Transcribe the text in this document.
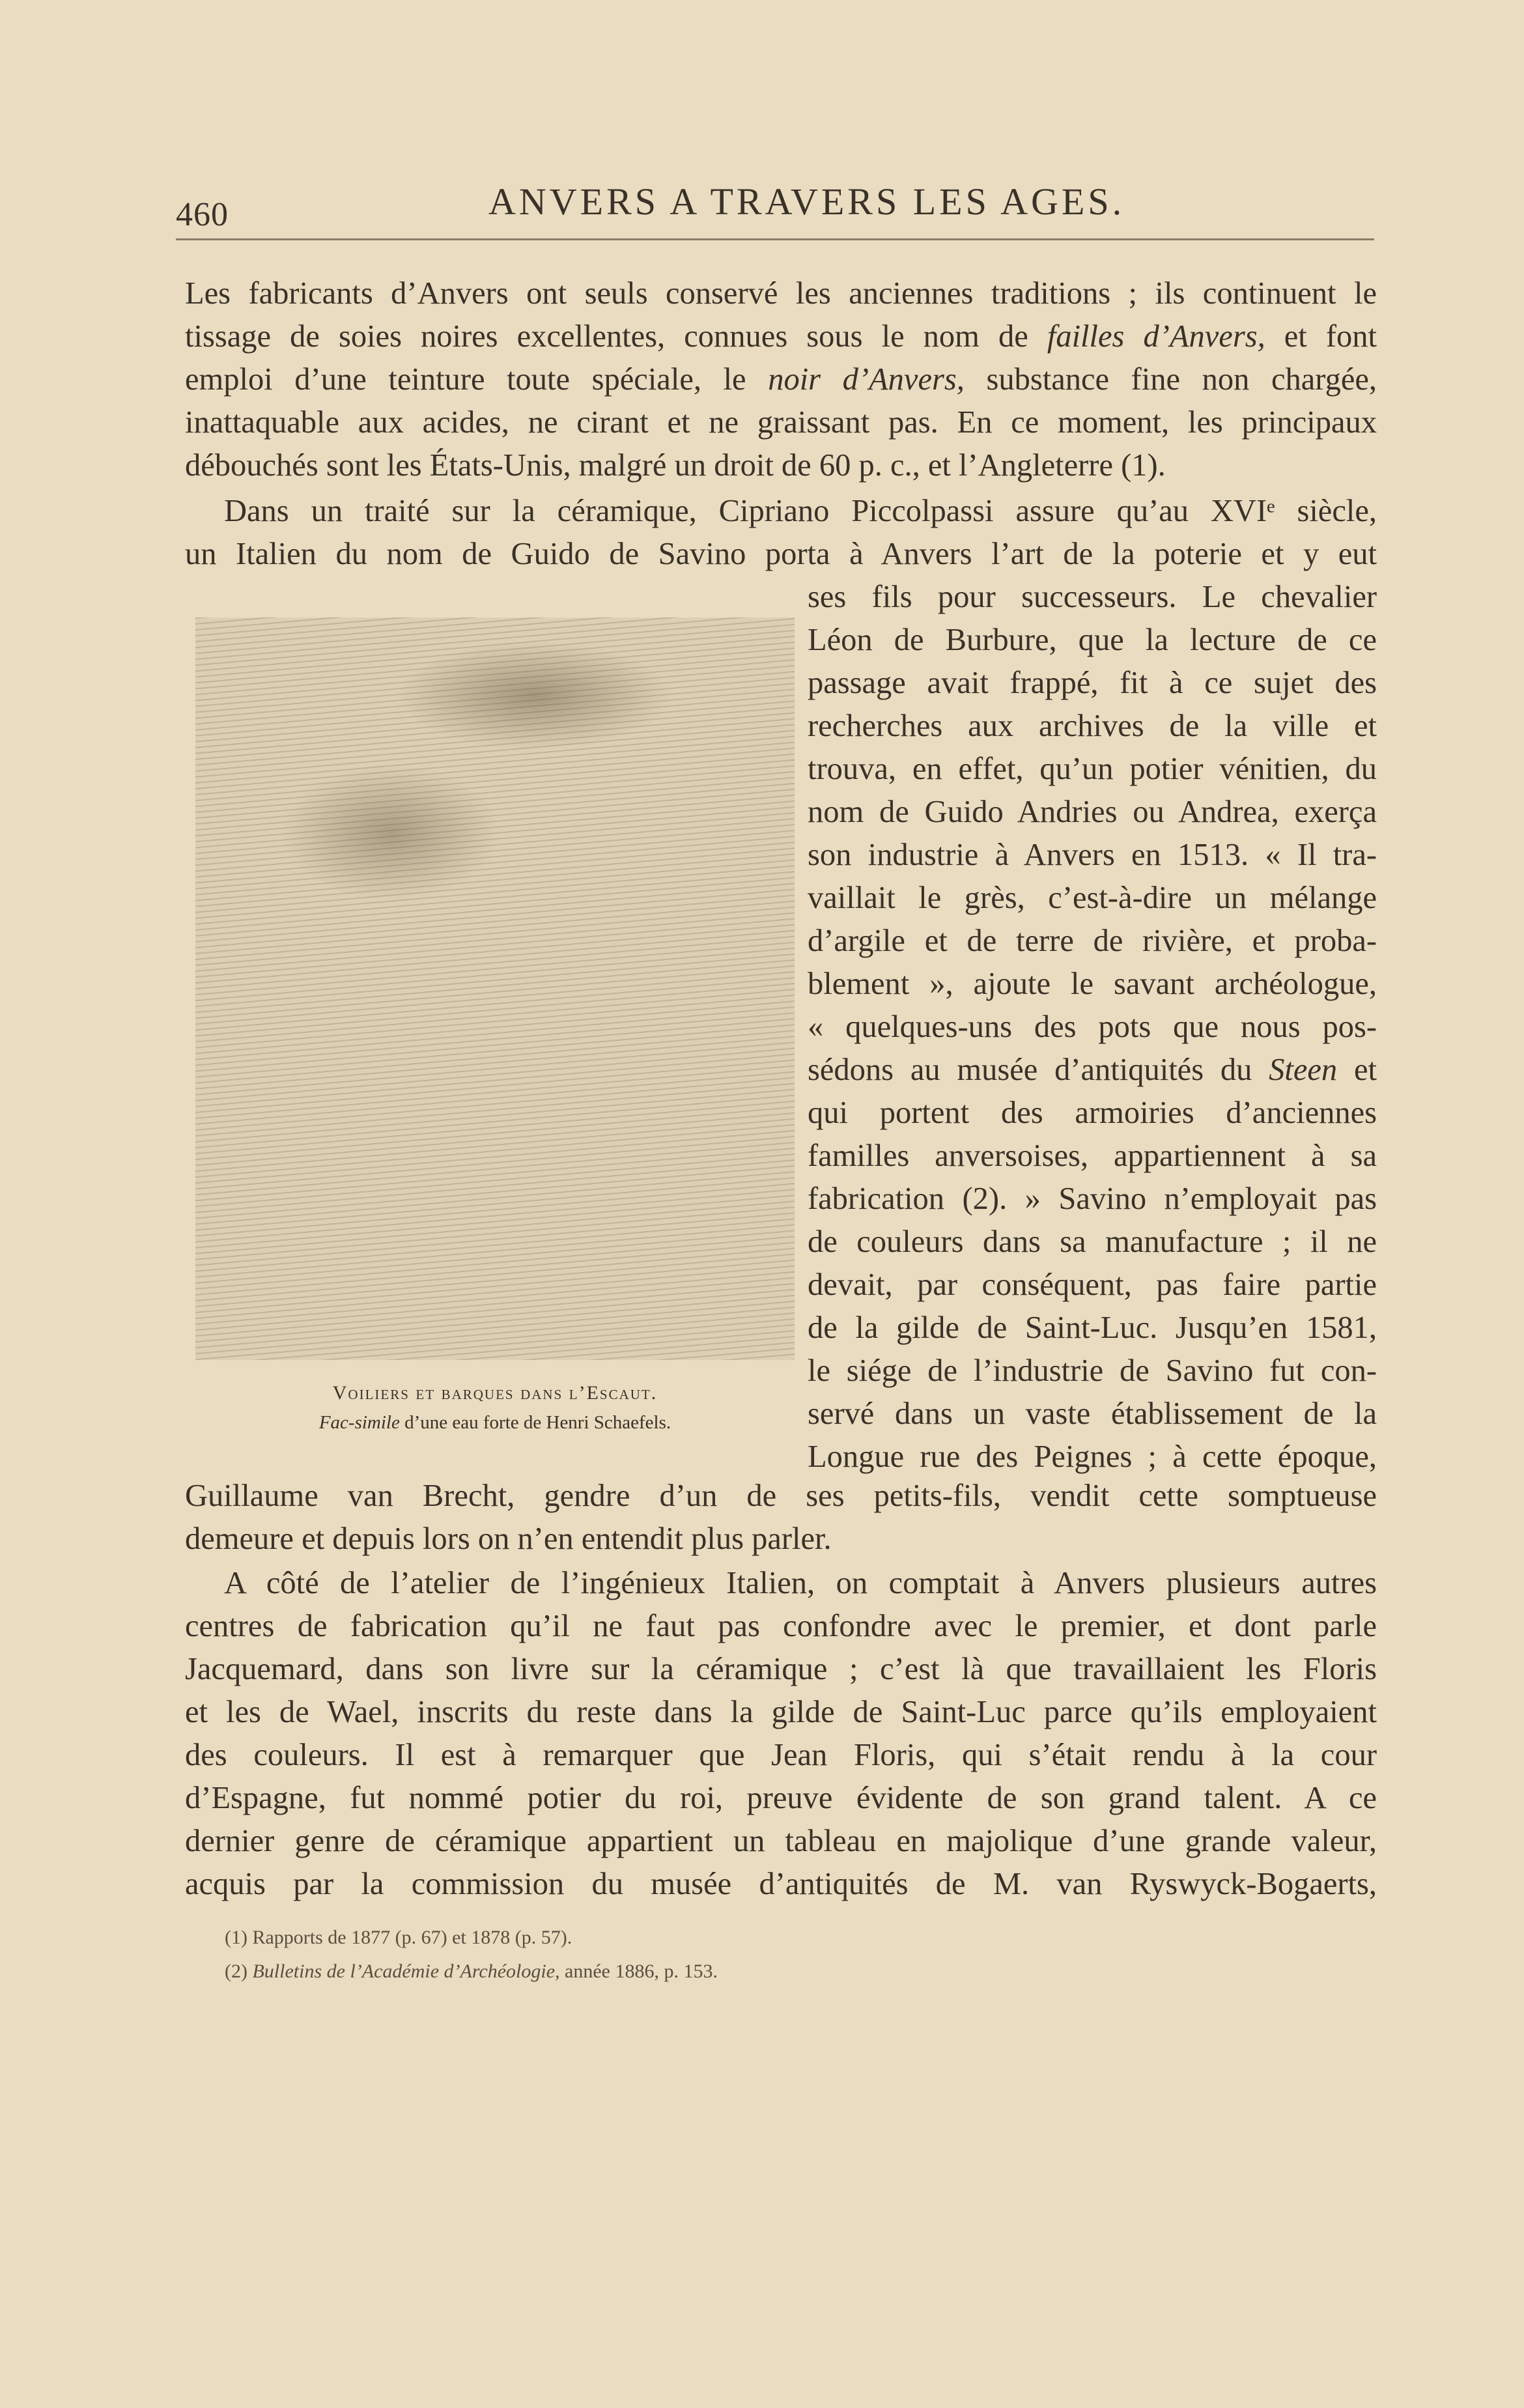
460	ANVERS A TRAVERS LES AGES.
Les fabricants d’Anvers ont seuls conservé les anciennes traditions ; ils continuent le
tissage de soies noires excellentes, connues sous le nom de failles d’Anvers, et font
emploi d’une teinture toute spéciale, le noir d’Anvers, substance fine non chargée,
inattaquable aux acides, ne cirant et ne graissant pas. En ce moment, les principaux
débouchés sont les États-Unis, malgré un droit de 60 p. c., et l’Angleterre (1).
Dans un traité sur la céramique, Cipriano Piccolpassi assure qu’au XVIᵉ siècle,
un Italien du nom de Guido de Savino porta à Anvers l’art de la poterie et y eut
ses fils pour successeurs. Le chevalier
Léon de Burbure, que la lecture de ce
passage avait frappé, fit à ce sujet des
recherches aux archives de la ville et
trouva, en effet, qu’un potier vénitien, du
nom de Guido Andries ou Andrea, exerça
son industrie à Anvers en 1513. « Il tra-
vaillait le grès, c’est-à-dire un mélange
d’argile et de terre de rivière, et proba-
blement », ajoute le savant archéologue,
« quelques-uns des pots que nous pos-
sédons au musée d’antiquités du Steen et
qui portent des armoiries d’anciennes
familles anversoises, appartiennent à sa
fabrication (2). » Savino n’employait pas
de couleurs dans sa manufacture ; il ne
devait, par conséquent, pas faire partie
de la gilde de Saint-Luc. Jusqu’en 1581,
le siége de l’industrie de Savino fut con-
servé dans un vaste établissement de la
Longue rue des Peignes ; à cette époque,
Voiliers et barques dans l’Escaut.
Fac-simile d’une eau forte de Henri Schaefels.
Guillaume van Brecht, gendre d’un de ses petits-fils, vendit cette somptueuse
demeure et depuis lors on n’en entendit plus parler.
A côté de l’atelier de l’ingénieux Italien, on comptait à Anvers plusieurs autres
centres de fabrication qu’il ne faut pas confondre avec le premier, et dont parle
Jacquemard, dans son livre sur la céramique ; c’est là que travaillaient les Floris
et les de Wael, inscrits du reste dans la gilde de Saint-Luc parce qu’ils employaient
des couleurs. Il est à remarquer que Jean Floris, qui s’était rendu à la cour
d’Espagne, fut nommé potier du roi, preuve évidente de son grand talent. A ce
dernier genre de céramique appartient un tableau en majolique d’une grande valeur,
acquis par la commission du musée d’antiquités de M. van Ryswyck-Bogaerts,
(1) Rapports de 1877 (p. 67) et 1878 (p. 57).
(2) Bulletins de l’Académie d’Archéologie, année 1886, p. 153.
